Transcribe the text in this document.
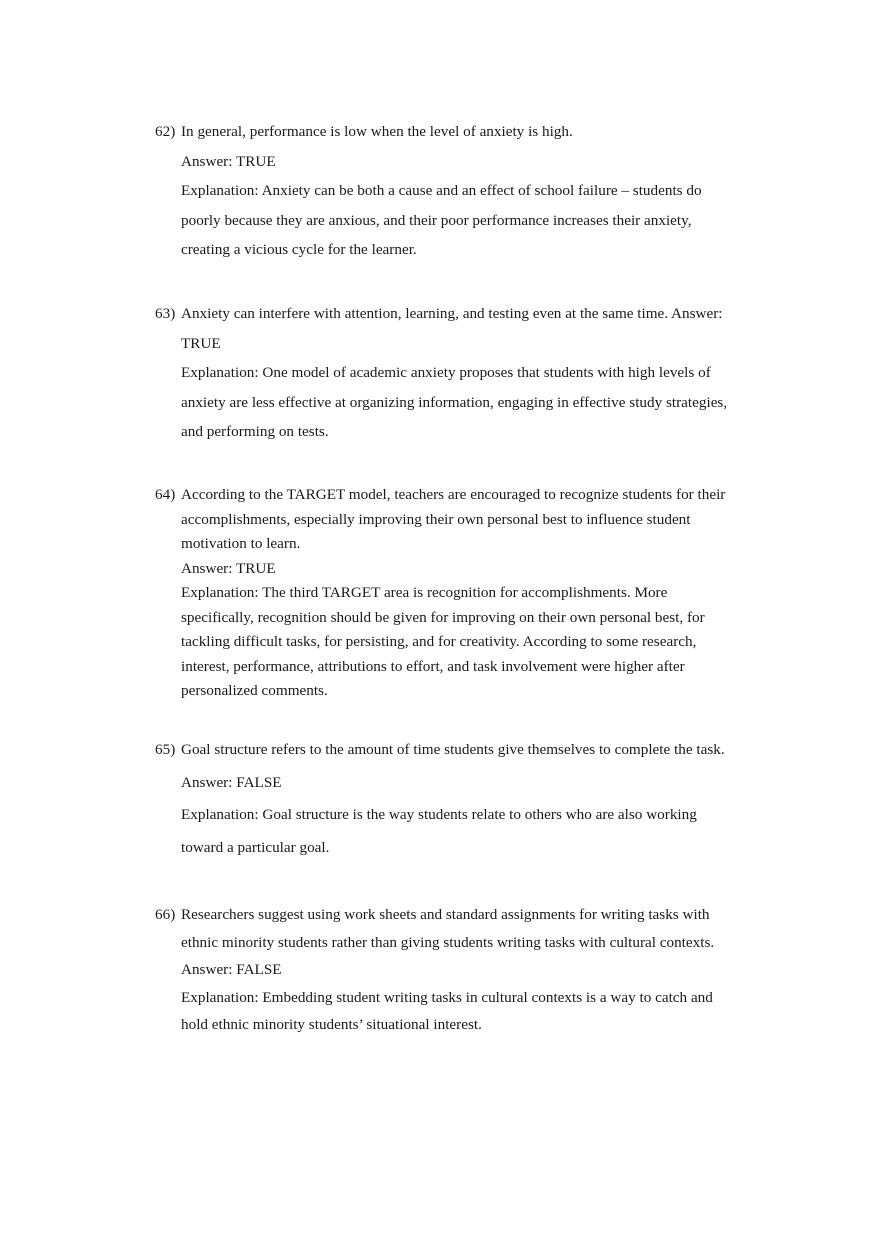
62) In general, performance is low when the level of anxiety is high.
Answer: TRUE
Explanation: Anxiety can be both a cause and an effect of school failure – students do
poorly because they are anxious, and their poor performance increases their anxiety,
creating a vicious cycle for the learner.
63) Anxiety can interfere with attention, learning, and testing even at the same time. Answer:
TRUE
Explanation: One model of academic anxiety proposes that students with high levels of
anxiety are less effective at organizing information, engaging in effective study strategies,
and performing on tests.
64) According to the TARGET model, teachers are encouraged to recognize students for their
accomplishments, especially improving their own personal best to influence student
motivation to learn.
Answer: TRUE
Explanation: The third TARGET area is recognition for accomplishments. More
specifically, recognition should be given for improving on their own personal best, for
tackling difficult tasks, for persisting, and for creativity. According to some research,
interest, performance, attributions to effort, and task involvement were higher after
personalized comments.
65) Goal structure refers to the amount of time students give themselves to complete the task.
Answer: FALSE
Explanation: Goal structure is the way students relate to others who are also working
toward a particular goal.
66) Researchers suggest using work sheets and standard assignments for writing tasks with
ethnic minority students rather than giving students writing tasks with cultural contexts.
Answer: FALSE
Explanation: Embedding student writing tasks in cultural contexts is a way to catch and
hold ethnic minority students’ situational interest.
